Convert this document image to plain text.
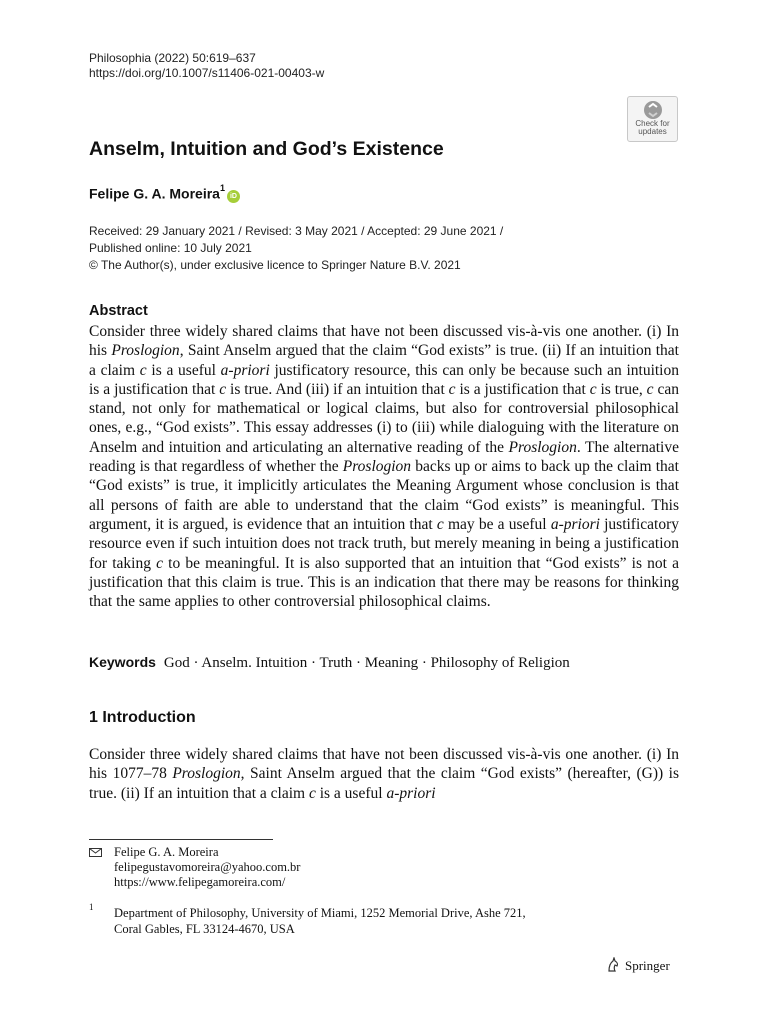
Philosophia (2022) 50:619–637
https://doi.org/10.1007/s11406-021-00403-w
Check for
updates
Anselm, Intuition and God’s Existence
Felipe G. A. Moreira$^1$iD
Received: 29 January 2021 / Revised: 3 May 2021 / Accepted: 29 June 2021 /
Published online: 10 July 2021
© The Author(s), under exclusive licence to Springer Nature B.V. 2021
Abstract
Consider three widely shared claims that have not been discussed vis-à-vis one another. (i) In his Proslogion, Saint Anselm argued that the claim “God exists” is true. (ii) If an intuition that a claim c is a useful a-priori justificatory resource, this can only be because such an intuition is a justification that c is true. And (iii) if an intuition that c is a justification that c is true, c can stand, not only for mathematical or logical claims, but also for controversial philosophical ones, e.g., “God exists”. This essay addresses (i) to (iii) while dialoguing with the literature on Anselm and intuition and articulating an alternative reading of the Proslogion. The alternative reading is that regardless of whether the Proslogion backs up or aims to back up the claim that “God exists” is true, it implicitly articulates the Meaning Argument whose conclusion is that all persons of faith are able to understand that the claim “God exists” is meaningful. This argument, it is argued, is evidence that an intuition that c may be a useful a-priori justificatory resource even if such intuition does not track truth, but merely meaning in being a justification for taking c to be meaningful. It is also supported that an intuition that “God exists” is not a justification that this claim is true. This is an indication that there may be reasons for thinking that the same applies to other controversial philosophical claims.
Keywords God · Anselm. Intuition · Truth · Meaning · Philosophy of Religion
1 Introduction
Consider three widely shared claims that have not been discussed vis-à-vis one another. (i) In his 1077–78 Proslogion, Saint Anselm argued that the claim “God exists” (hereafter, (G)) is true. (ii) If an intuition that a claim c is a useful a-priori
Felipe G. A. Moreira
felipegustavomoreira@yahoo.com.br
https://www.felipegamoreira.com/
1 Department of Philosophy, University of Miami, 1252 Memorial Drive, Ashe 721,
Coral Gables, FL 33124-4670, USA
Springer
